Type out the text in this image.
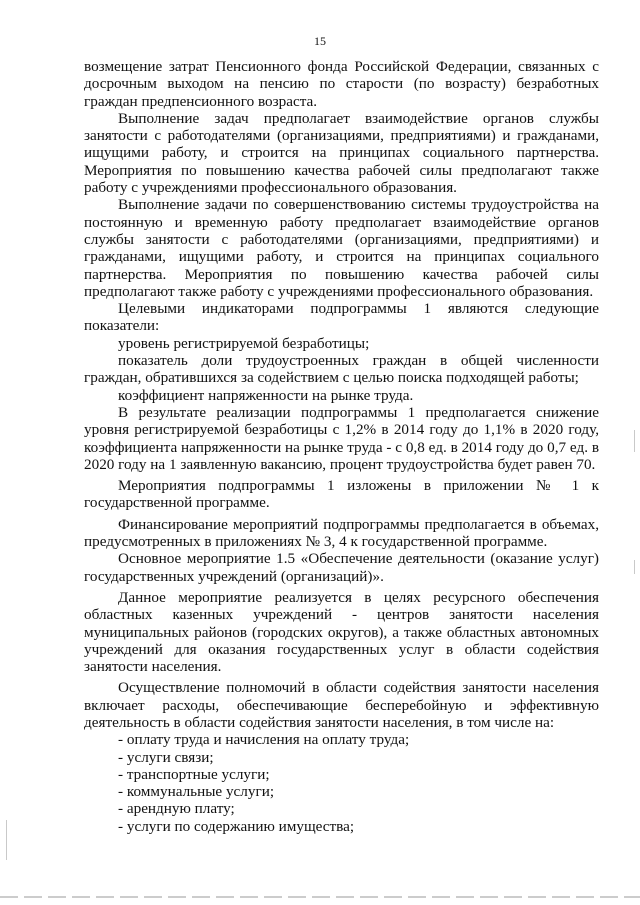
15

возмещение затрат Пенсионного фонда Российской Федерации, связанных с досрочным выходом на пенсию по старости (по возрасту) безработных граждан предпенсионного возраста.

Выполнение задач предполагает взаимодействие органов службы занятости с работодателями (организациями, предприятиями) и гражданами, ищущими работу, и строится на принципах социального партнерства. Мероприятия по повышению качества рабочей силы предполагают также работу с учреждениями профессионального образования.

Выполнение задачи по совершенствованию системы трудоустройства на постоянную и временную работу предполагает взаимодействие органов службы занятости с работодателями (организациями, предприятиями) и гражданами, ищущими работу, и строится на принципах социального партнерства. Мероприятия по повышению качества рабочей силы предполагают также работу с учреждениями профессионального образования.

Целевыми индикаторами подпрограммы 1 являются следующие показатели:

уровень регистрируемой безработицы;

показатель доли трудоустроенных граждан в общей численности граждан, обратившихся за содействием с целью поиска подходящей работы;

коэффициент напряженности на рынке труда.

В результате реализации подпрограммы 1 предполагается снижение уровня регистрируемой безработицы с 1,2% в 2014 году до 1,1% в 2020 году, коэффициента напряженности на рынке труда - с 0,8 ед. в 2014 году до 0,7 ед. в 2020 году на 1 заявленную вакансию, процент трудоустройства будет равен 70.

Мероприятия подпрограммы 1 изложены в приложении № 1 к государственной программе.

Финансирование мероприятий подпрограммы предполагается в объемах, предусмотренных в приложениях № 3, 4 к государственной программе.

Основное мероприятие 1.5 «Обеспечение деятельности (оказание услуг) государственных учреждений (организаций)».

Данное мероприятие реализуется в целях ресурсного обеспечения областных казенных учреждений - центров занятости населения муниципальных районов (городских округов), а также областных автономных учреждений для оказания государственных услуг в области содействия занятости населения.

Осуществление полномочий в области содействия занятости населения включает расходы, обеспечивающие бесперебойную и эффективную деятельность в области содействия занятости населения, в том числе на:

- оплату труда и начисления на оплату труда;

- услуги связи;

- транспортные услуги;

- коммунальные услуги;

- арендную плату;

- услуги по содержанию имущества;
